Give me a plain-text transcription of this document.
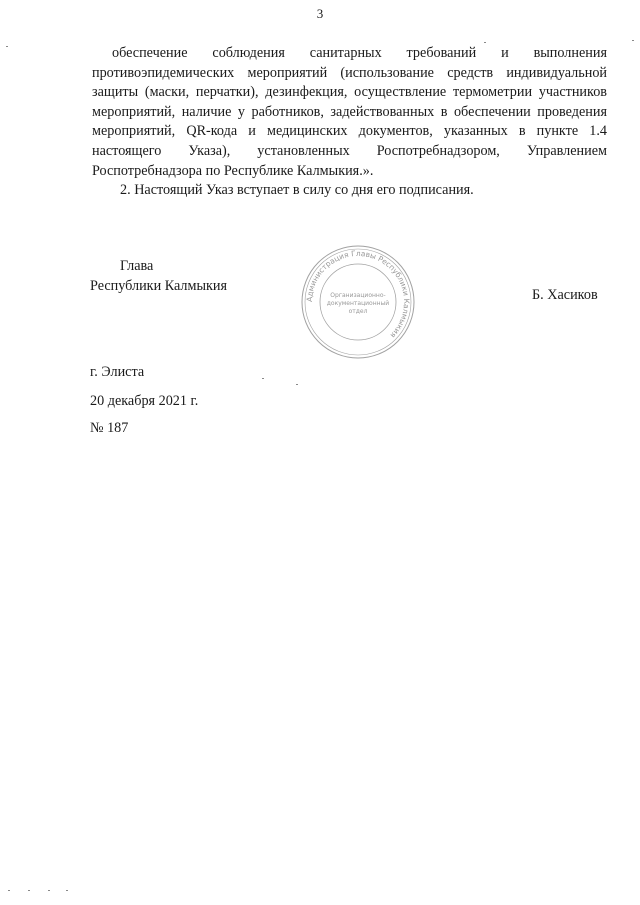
3

обеспечение соблюдения санитарных требований и выполнения противоэпидемических мероприятий (использование средств индивидуальной защиты (маски, перчатки), дезинфекция, осуществление термометрии участников мероприятий, наличие у работников, задействованных в обеспечении проведения мероприятий, QR-кода и медицинских документов, указанных в пункте 1.4 настоящего Указа), установленных Роспотребнадзором, Управлением Роспотребнадзора по Республике Калмыкия.».

2. Настоящий Указ вступает в силу со дня его подписания.

Глава
Республики Калмыкия
Администрация Главы Республики Калмыкия
Организационно-
документационный
отдел
Б. Хасиков
г. Элиста
20 декабря 2021 г.
№ 187
